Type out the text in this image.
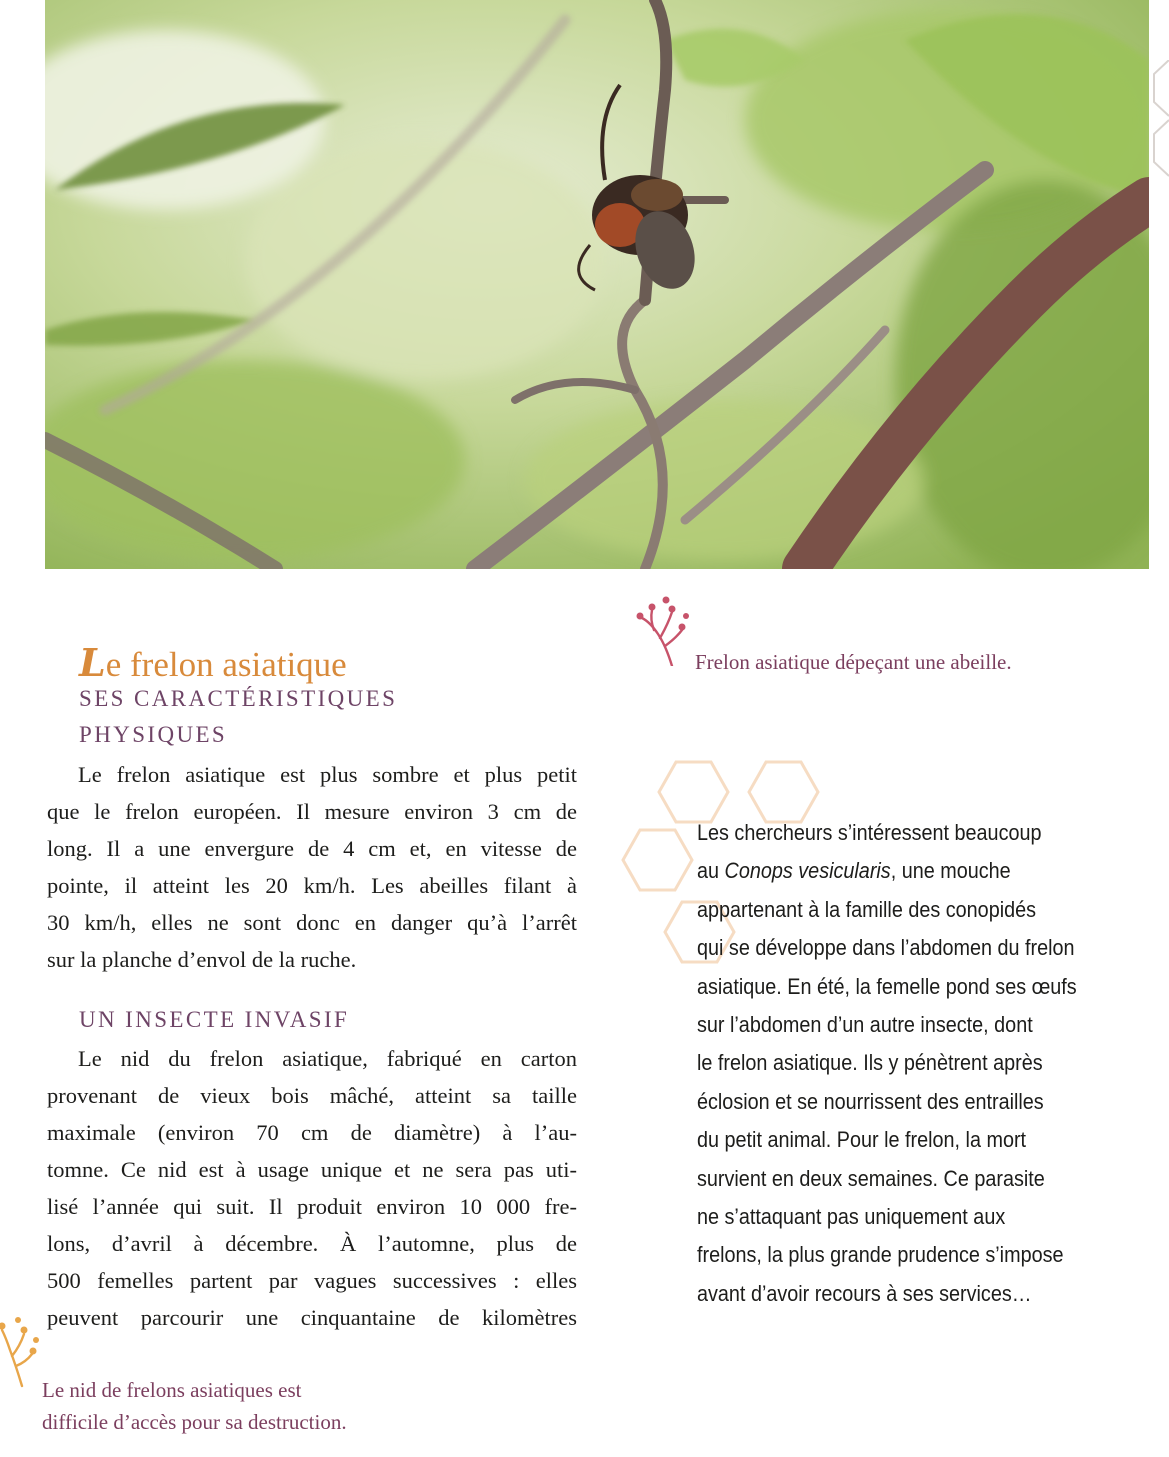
Frelon asiatique dépeçant une abeille.
Le frelon asiatique
SES CARACTÉRISTIQUES
PHYSIQUES
Le frelon asiatique est plus sombre et plus petit
que le frelon européen. Il mesure environ 3 cm de
long. Il a une envergure de 4 cm et, en vitesse de
pointe, il atteint les 20 km/h. Les abeilles filant à
30 km/h, elles ne sont donc en danger qu’à l’arrêt
sur la planche d’envol de la ruche.
UN INSECTE INVASIF
Le nid du frelon asiatique, fabriqué en carton
provenant de vieux bois mâché, atteint sa taille
maximale (environ 70 cm de diamètre) à l’au-
tomne. Ce nid est à usage unique et ne sera pas uti-
lisé l’année qui suit. Il produit environ 10 000 fre-
lons, d’avril à décembre. À l’automne, plus de
500 femelles partent par vagues successives : elles
peuvent parcourir une cinquantaine de kilomètres
Les chercheurs s’intéressent beaucoup
au Conops vesicularis, une mouche
appartenant à la famille des conopidés
qui se développe dans l’abdomen du frelon
asiatique. En été, la femelle pond ses œufs
sur l’abdomen d’un autre insecte, dont
le frelon asiatique. Ils y pénètrent après
éclosion et se nourrissent des entrailles
du petit animal. Pour le frelon, la mort
survient en deux semaines. Ce parasite
ne s’attaquant pas uniquement aux
frelons, la plus grande prudence s’impose
avant d’avoir recours à ses services…
Le nid de frelons asiatiques est
difficile d’accès pour sa destruction.
